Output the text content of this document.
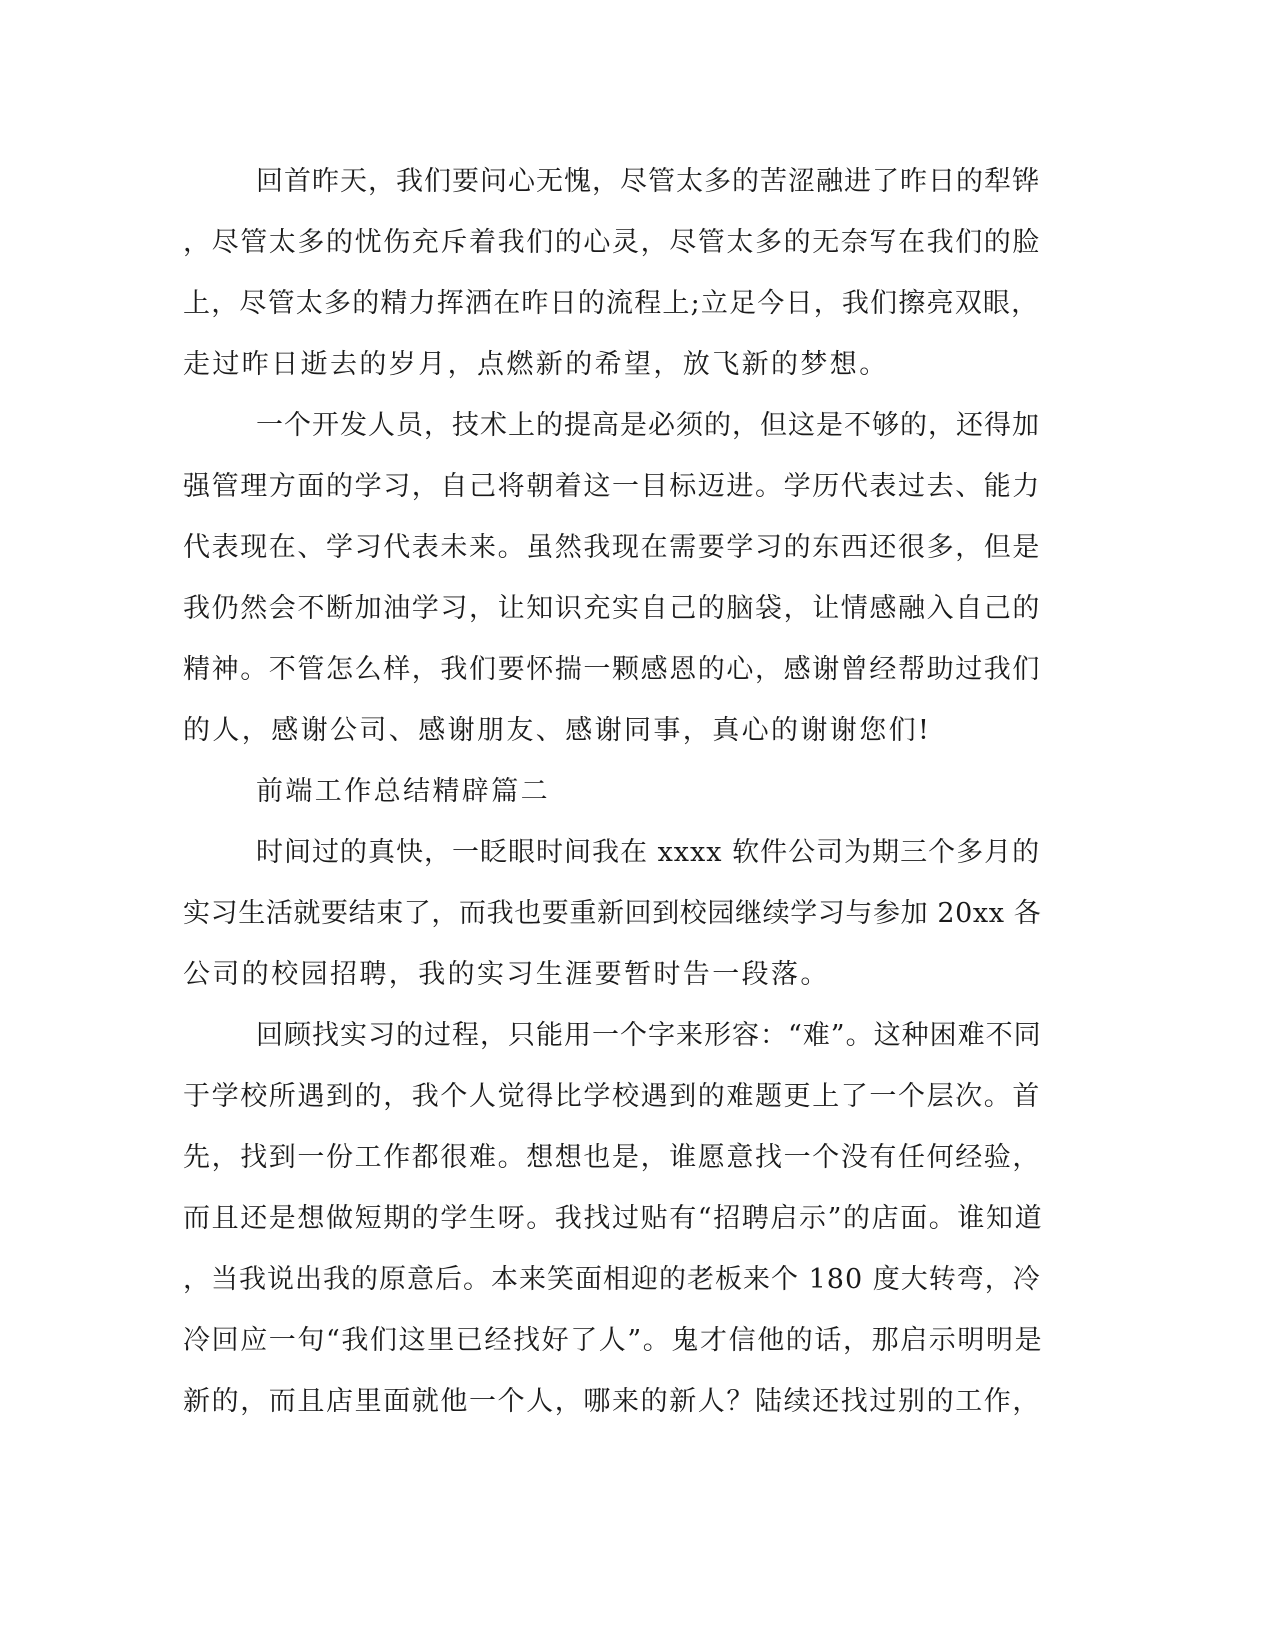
回首昨天，我们要问心无愧，尽管太多的苦涩融进了昨日的犁铧
，尽管太多的忧伤充斥着我们的心灵，尽管太多的无奈写在我们的脸
上，尽管太多的精力挥洒在昨日的流程上;立足今日，我们擦亮双眼，
走过昨日逝去的岁月，点燃新的希望，放飞新的梦想。
一个开发人员，技术上的提高是必须的，但这是不够的，还得加
强管理方面的学习，自己将朝着这一目标迈进。学历代表过去、能力
代表现在、学习代表未来。虽然我现在需要学习的东西还很多，但是
我仍然会不断加油学习，让知识充实自己的脑袋，让情感融入自己的
精神。不管怎么样，我们要怀揣一颗感恩的心，感谢曾经帮助过我们
的人，感谢公司、感谢朋友、感谢同事，真心的谢谢您们!
前端工作总结精辟篇二
时间过的真快，一眨眼时间我在 xxxx 软件公司为期三个多月的
实习生活就要结束了，而我也要重新回到校园继续学习与参加 20xx 各
公司的校园招聘，我的实习生涯要暂时告一段落。
回顾找实习的过程，只能用一个字来形容：“难”。这种困难不同
于学校所遇到的，我个人觉得比学校遇到的难题更上了一个层次。首
先，找到一份工作都很难。想想也是，谁愿意找一个没有任何经验，
而且还是想做短期的学生呀。我找过贴有“招聘启示”的店面。谁知道
，当我说出我的原意后。本来笑面相迎的老板来个 180 度大转弯，冷
冷回应一句“我们这里已经找好了人”。鬼才信他的话，那启示明明是
新的，而且店里面就他一个人，哪来的新人？陆续还找过别的工作，
